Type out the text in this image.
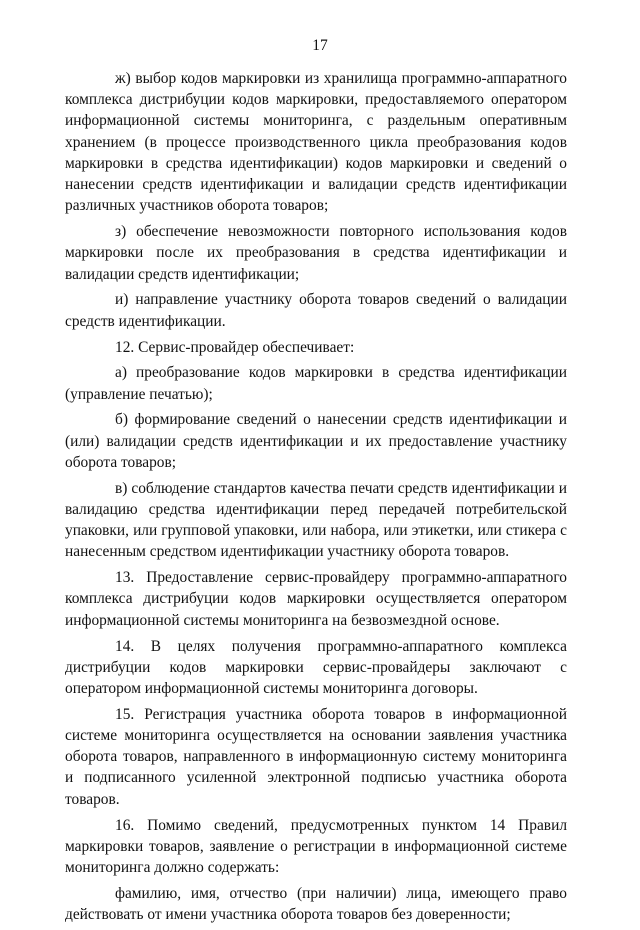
17

ж) выбор кодов маркировки из хранилища программно-аппаратного комплекса дистрибуции кодов маркировки, предоставляемого оператором информационной системы мониторинга, с раздельным оперативным хранением (в процессе производственного цикла преобразования кодов маркировки в средства идентификации) кодов маркировки и сведений о нанесении средств идентификации и валидации средств идентификации различных участников оборота товаров;

з) обеспечение невозможности повторного использования кодов маркировки после их преобразования в средства идентификации и валидации средств идентификации;

и) направление участнику оборота товаров сведений о валидации средств идентификации.

12. Сервис-провайдер обеспечивает:

а) преобразование кодов маркировки в средства идентификации (управление печатью);

б) формирование сведений о нанесении средств идентификации и (или) валидации средств идентификации и их предоставление участнику оборота товаров;

в) соблюдение стандартов качества печати средств идентификации и валидацию средства идентификации перед передачей потребительской упаковки, или групповой упаковки, или набора, или этикетки, или стикера с нанесенным средством идентификации участнику оборота товаров.

13. Предоставление сервис-провайдеру программно-аппаратного комплекса дистрибуции кодов маркировки осуществляется оператором информационной системы мониторинга на безвозмездной основе.

14. В целях получения программно-аппаратного комплекса дистрибуции кодов маркировки сервис-провайдеры заключают с оператором информационной системы мониторинга договоры.

15. Регистрация участника оборота товаров в информационной системе мониторинга осуществляется на основании заявления участника оборота товаров, направленного в информационную систему мониторинга и подписанного усиленной электронной подписью участника оборота товаров.

16. Помимо сведений, предусмотренных пунктом 14 Правил маркировки товаров, заявление о регистрации в информационной системе мониторинга должно содержать:

фамилию, имя, отчество (при наличии) лица, имеющего право действовать от имени участника оборота товаров без доверенности;
